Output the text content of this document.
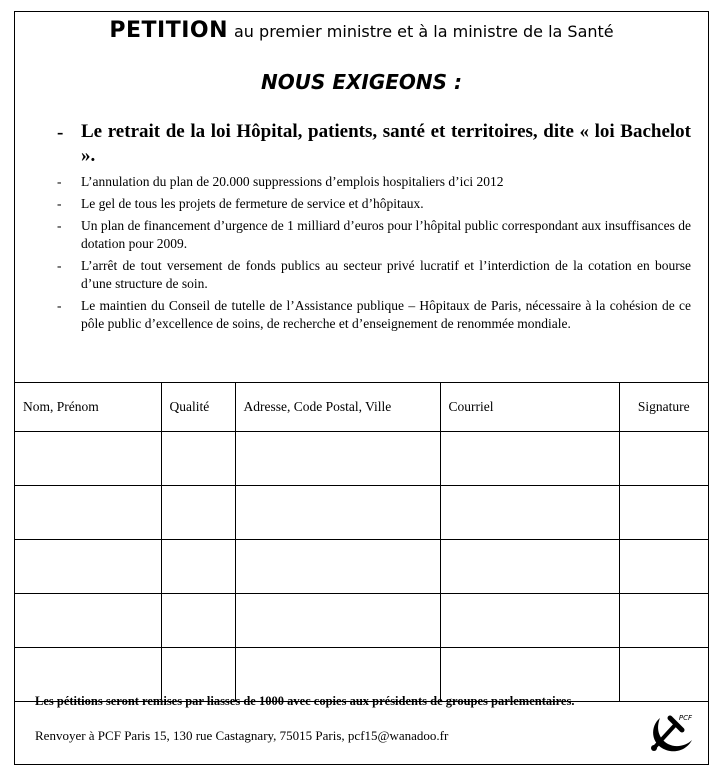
PETITION au premier ministre et à la ministre de la Santé
NOUS EXIGEONS :
- Le retrait de la loi Hôpital, patients, santé et territoires, dite « loi Bachelot ».
- L’annulation du plan de 20.000 suppressions d’emplois hospitaliers d’ici 2012
- Le gel de tous les projets de fermeture de service et d’hôpitaux.
- Un plan de financement d’urgence de 1 milliard d’euros pour l’hôpital public correspondant aux insuffisances de dotation pour 2009.
- L’arrêt de tout versement de fonds publics au secteur privé lucratif et l’interdiction de la cotation en bourse d’une structure de soin.
- Le maintien du Conseil de tutelle de l’Assistance publique – Hôpitaux de Paris, nécessaire à la cohésion de ce pôle public d’excellence de soins, de recherche et d’enseignement de renommée mondiale.
Nom, Prénom	Qualité	Adresse, Code Postal, Ville	Courriel	Signature

Les pétitions seront remises par liasses de 1000 avec copies aux présidents de groupes parlementaires.
Renvoyer à PCF Paris 15, 130 rue Castagnary, 75015 Paris, pcf15@wanadoo.fr
PCF
